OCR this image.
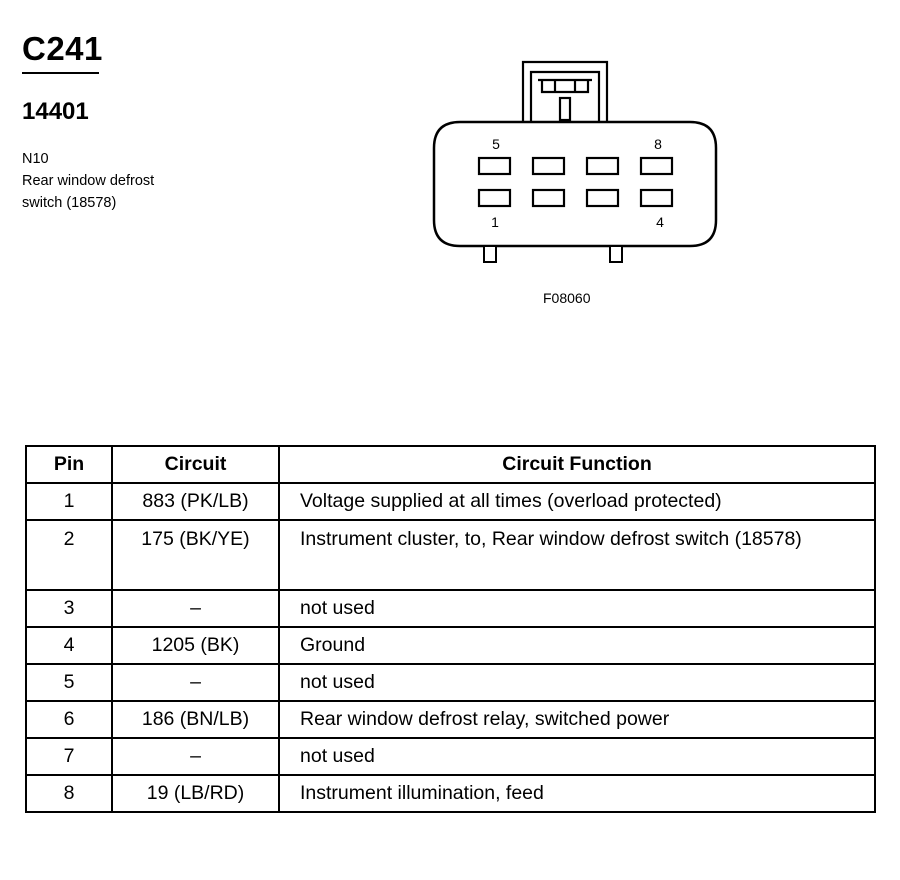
C241
14401
N10
Rear window defrost
switch (18578)
5	8
1	4
F08060
Pin	Circuit	Circuit Function
1	883 (PK/LB)	Voltage supplied at all times (overload protected)
2	175 (BK/YE)	Instrument cluster, to, Rear window defrost switch (18578)
3	–	not used
4	1205 (BK)	Ground
5	–	not used
6	186 (BN/LB)	Rear window defrost relay, switched power
7	–	not used
8	19 (LB/RD)	Instrument illumination, feed
